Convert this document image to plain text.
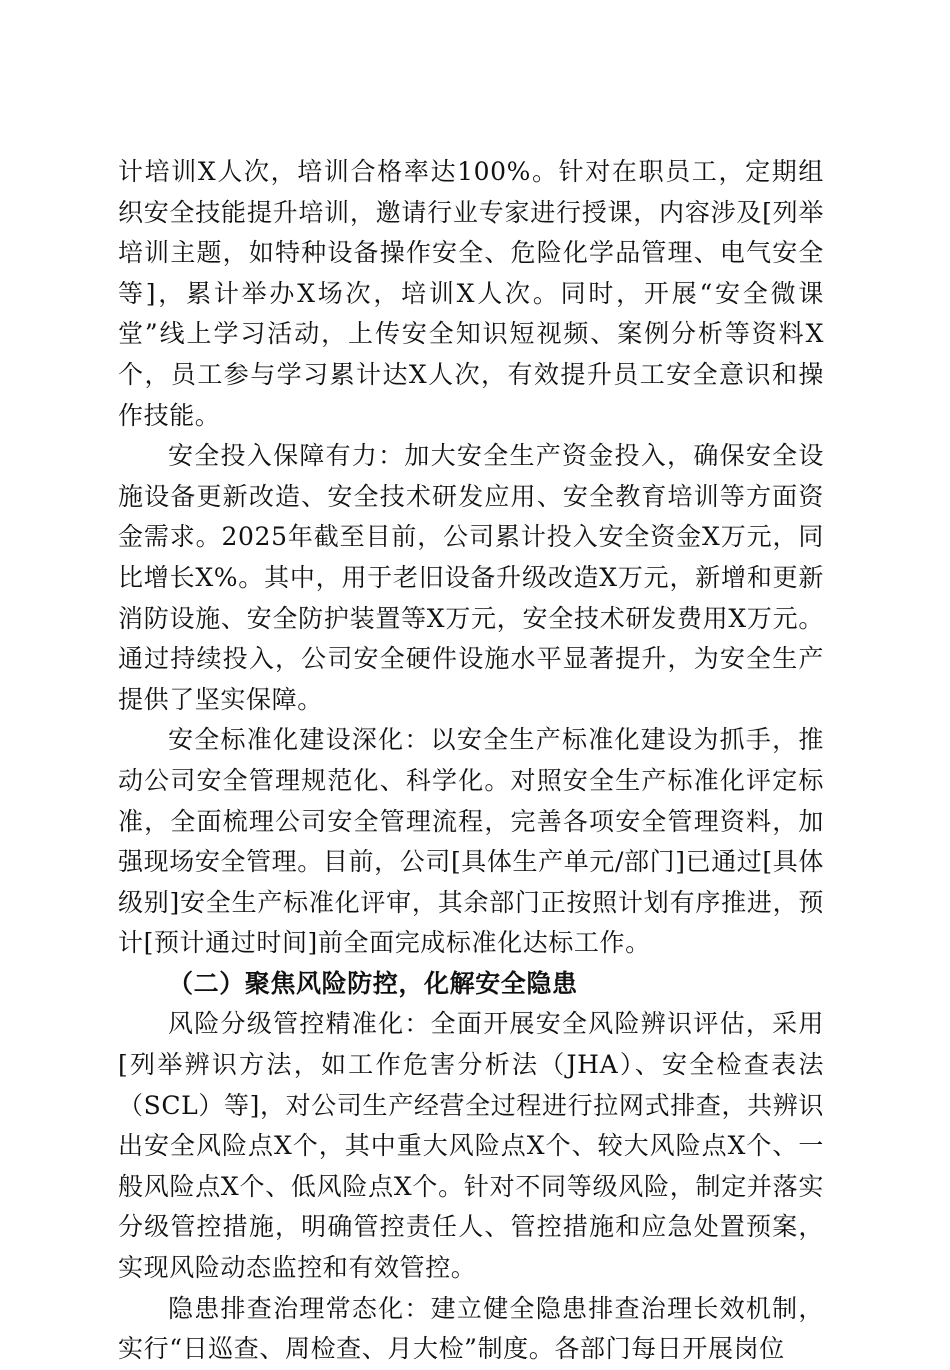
计培训X人次，培训合格率达100%。针对在职员工，定期组织安全技能提升培训，邀请行业专家进行授课，内容涉及[列举培训主题，如特种设备操作安全、危险化学品管理、电气安全等]，累计举办X场次，培训X人次。同时，开展“安全微课堂”线上学习活动，上传安全知识短视频、案例分析等资料X个，员工参与学习累计达X人次，有效提升员工安全意识和操作技能。

安全投入保障有力：加大安全生产资金投入，确保安全设施设备更新改造、安全技术研发应用、安全教育培训等方面资金需求。2025年截至目前，公司累计投入安全资金X万元，同比增长X%。其中，用于老旧设备升级改造X万元，新增和更新消防设施、安全防护装置等X万元，安全技术研发费用X万元。通过持续投入，公司安全硬件设施水平显著提升，为安全生产提供了坚实保障。

安全标准化建设深化：以安全生产标准化建设为抓手，推动公司安全管理规范化、科学化。对照安全生产标准化评定标准，全面梳理公司安全管理流程，完善各项安全管理资料，加强现场安全管理。目前，公司[具体生产单元/部门]已通过[具体级别]安全生产标准化评审，其余部门正按照计划有序推进，预计[预计通过时间]前全面完成标准化达标工作。

（二）聚焦风险防控，化解安全隐患

风险分级管控精准化：全面开展安全风险辨识评估，采用[列举辨识方法，如工作危害分析法（JHA）、安全检查表法（SCL）等]，对公司生产经营全过程进行拉网式排查，共辨识出安全风险点X个，其中重大风险点X个、较大风险点X个、一般风险点X个、低风险点X个。针对不同等级风险，制定并落实分级管控措施，明确管控责任人、管控措施和应急处置预案，实现风险动态监控和有效管控。

隐患排查治理常态化：建立健全隐患排查治理长效机制，实行“日巡查、周检查、月大检”制度。各部门每日开展岗位
